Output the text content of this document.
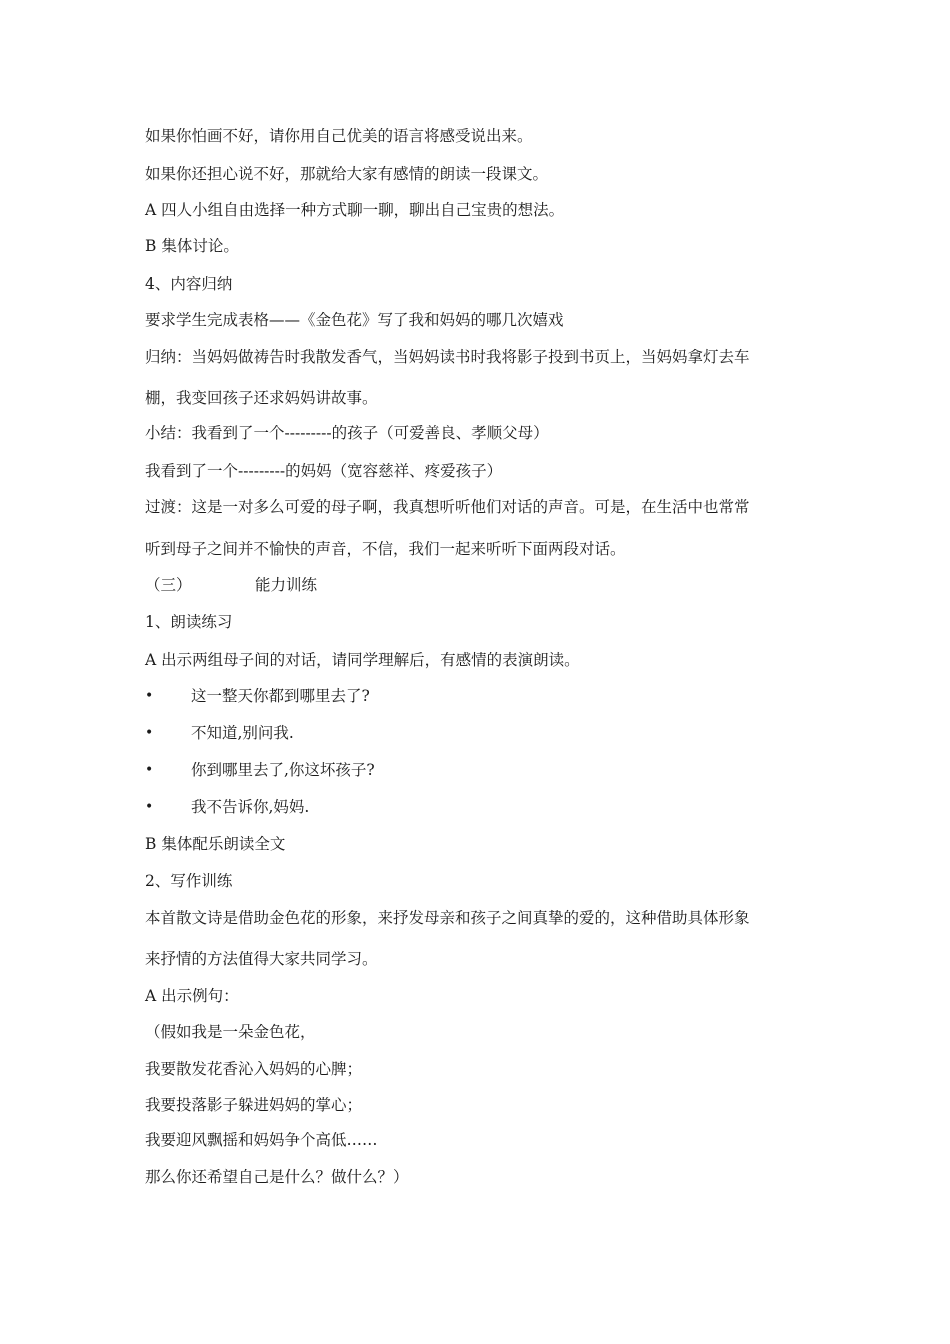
如果你怕画不好，请你用自己优美的语言将感受说出来。
如果你还担心说不好，那就给大家有感情的朗读一段课文。
A 四人小组自由选择一种方式聊一聊，聊出自己宝贵的想法。
B 集体讨论。
4、内容归纳
要求学生完成表格——《金色花》写了我和妈妈的哪几次嬉戏
归纳：当妈妈做祷告时我散发香气，当妈妈读书时我将影子投到书页上，当妈妈拿灯去车
棚，我变回孩子还求妈妈讲故事。
小结：我看到了一个---------的孩子（可爱善良、孝顺父母）
我看到了一个---------的妈妈（宽容慈祥、疼爱孩子）
过渡：这是一对多么可爱的母子啊，我真想听听他们对话的声音。可是，在生活中也常常
听到母子之间并不愉快的声音，不信，我们一起来听听下面两段对话。
（三）	能力训练
1、朗读练习
A 出示两组母子间的对话，请同学理解后，有感情的表演朗读。
• 这一整天你都到哪里去了?
• 不知道,别问我.
• 你到哪里去了,你这坏孩子?
• 我不告诉你,妈妈.
B 集体配乐朗读全文
2、写作训练
本首散文诗是借助金色花的形象，来抒发母亲和孩子之间真挚的爱的，这种借助具体形象
来抒情的方法值得大家共同学习。
A 出示例句：
（假如我是一朵金色花，
我要散发花香沁入妈妈的心脾；
我要投落影子躲进妈妈的掌心；
我要迎风飘摇和妈妈争个高低……
那么你还希望自己是什么？做什么？）
